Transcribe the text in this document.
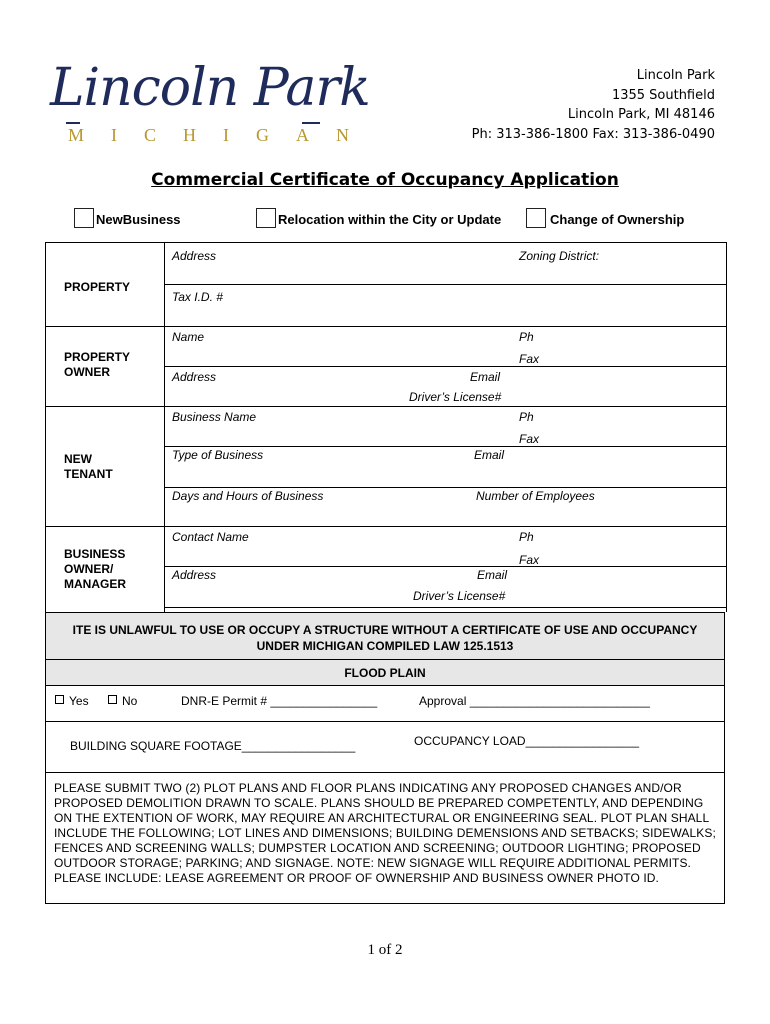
Lincoln Park
MICHIGAN
Lincoln Park
1355 Southfield
Lincoln Park, MI 48146
Ph: 313-386-1800 Fax: 313-386-0490
Commercial Certificate of Occupancy Application
NewBusiness	Relocation within the City or Update	Change of Ownership
PROPERTY
Address	Zoning District:
Tax I.D. #
PROPERTY
OWNER
Name	Ph
Fax
Address	Email
Driver’s License#
NEW
TENANT
Business Name	Ph
Fax
Type of Business	Email
Days and Hours of Business	Number of Employees
BUSINESS
OWNER/
MANAGER
Contact Name	Ph
Fax
Address	Email
Driver’s License#
ITE IS UNLAWFUL TO USE OR OCCUPY A STRUCTURE WITHOUT A CERTIFICATE OF USE AND OCCUPANCY
UNDER MICHIGAN COMPILED LAW 125.1513
FLOOD PLAIN
Yes	No	DNR-E Permit # ________________	Approval ___________________________
BUILDING SQUARE FOOTAGE_________________	OCCUPANCY LOAD_________________
PLEASE SUBMIT TWO (2) PLOT PLANS AND FLOOR PLANS INDICATING ANY PROPOSED CHANGES AND/OR PROPOSED DEMOLITION DRAWN TO SCALE. PLANS SHOULD BE PREPARED COMPETENTLY, AND DEPENDING ON THE EXTENTION OF WORK, MAY REQUIRE AN ARCHITECTURAL OR ENGINEERING SEAL. PLOT PLAN SHALL INCLUDE THE FOLLOWING; LOT LINES AND DIMENSIONS; BUILDING DEMENSIONS AND SETBACKS; SIDEWALKS; FENCES AND SCREENING WALLS; DUMPSTER LOCATION AND SCREENING; OUTDOOR LIGHTING; PROPOSED OUTDOOR STORAGE; PARKING; AND SIGNAGE. NOTE: NEW SIGNAGE WILL REQUIRE ADDITIONAL PERMITS. PLEASE INCLUDE: LEASE AGREEMENT OR PROOF OF OWNERSHIP AND BUSINESS OWNER PHOTO ID.
1 of 2
